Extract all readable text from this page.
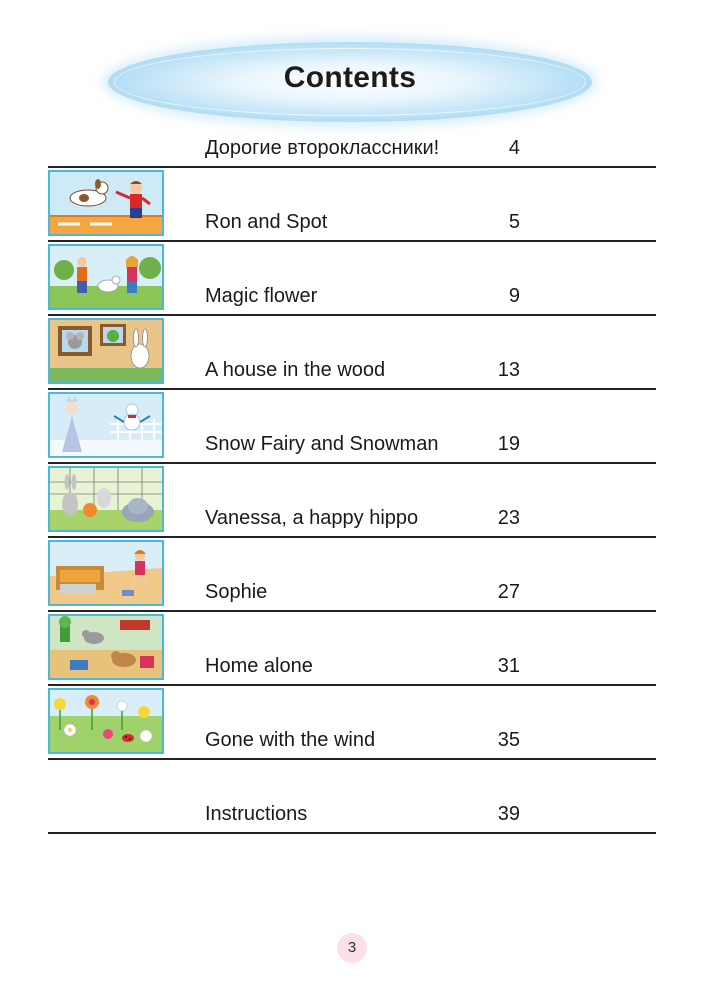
Contents
Дорогие второклассники!	4
Ron and Spot	5
Magic flower	9
A house in the wood	13
Snow Fairy and Snowman	19
Vanessa, a happy hippo	23
Sophie	27
Home alone	31
Gone with the wind	35
Instructions	39
3
